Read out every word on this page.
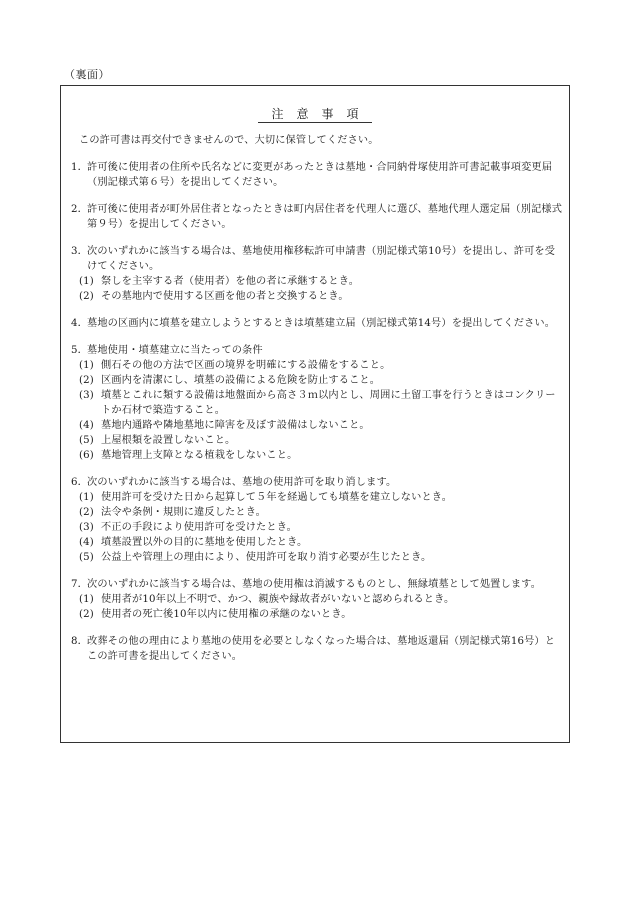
（裏面）
注意事項
この許可書は再交付できませんので、大切に保管してください。
1． 許可後に使用者の住所や氏名などに変更があったときは墓地・合同納骨塚使用許可書記載事項変更届（別記様式第６号）を提出してください。
2． 許可後に使用者が町外居住者となったときは町内居住者を代理人に選び、墓地代理人選定届（別記様式第９号）を提出してください。
3． 次のいずれかに該当する場合は、墓地使用権移転許可申請書（別記様式第10号）を提出し、許可を受けてください。
(1) 祭しを主宰する者（使用者）を他の者に承継するとき。
(2) その墓地内で使用する区画を他の者と交換するとき。
4． 墓地の区画内に墳墓を建立しようとするときは墳墓建立届（別記様式第14号）を提出してください。
5． 墓地使用・墳墓建立に当たっての条件
(1) 側石その他の方法で区画の境界を明確にする設備をすること。
(2) 区画内を清潔にし、墳墓の設備による危険を防止すること。
(3) 墳墓とこれに類する設備は地盤面から高さ３ｍ以内とし、周囲に土留工事を行うときはコンクリートか石材で築造すること。
(4) 墓地内通路や隣地墓地に障害を及ぼす設備はしないこと。
(5) 上屋根類を設置しないこと。
(6) 墓地管理上支障となる植栽をしないこと。
6． 次のいずれかに該当する場合は、墓地の使用許可を取り消します。
(1) 使用許可を受けた日から起算して５年を経過しても墳墓を建立しないとき。
(2) 法令や条例・規則に違反したとき。
(3) 不正の手段により使用許可を受けたとき。
(4) 墳墓設置以外の目的に墓地を使用したとき。
(5) 公益上や管理上の理由により、使用許可を取り消す必要が生じたとき。
7． 次のいずれかに該当する場合は、墓地の使用権は消滅するものとし、無縁墳墓として処置します。
(1) 使用者が10年以上不明で、かつ、親族や縁故者がいないと認められるとき。
(2) 使用者の死亡後10年以内に使用権の承継のないとき。
8． 改葬その他の理由により墓地の使用を必要としなくなった場合は、墓地返還届（別記様式第16号）とこの許可書を提出してください。
